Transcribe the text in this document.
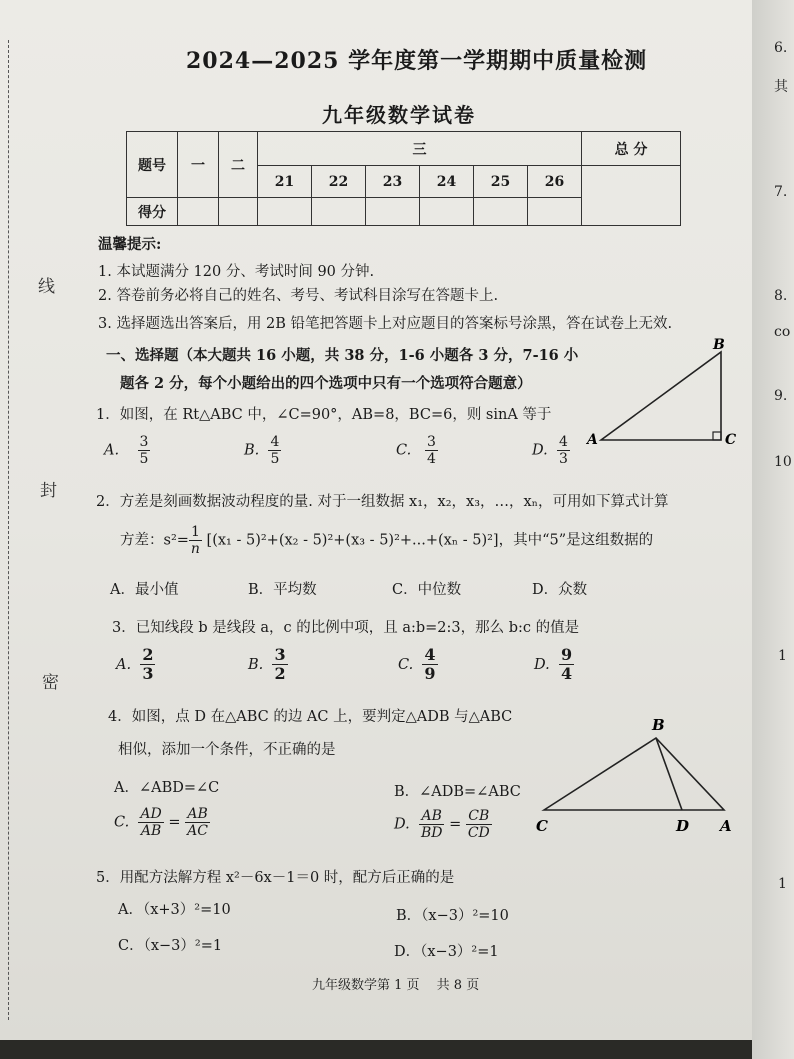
线
封
密
2024—2025 学年度第一学期期中质量检测
九年级数学试卷
题号	一	二	三						总 分
			21	22	23	24	25	26	
得分									
温馨提示:
1. 本试题满分 120 分、考试时间 90 分钟.
2. 答卷前务必将自己的姓名、考号、考试科目涂写在答题卡上.
3. 选择题选出答案后，用 2B 铅笔把答题卡上对应题目的答案标号涂黑，答在试卷上无效.
一、选择题（本大题共 16 小题，共 38 分，1-6 小题各 3 分，7-16 小
题各 2 分，每个小题给出的四个选项中只有一个选项符合题意）
1．如图，在 Rt△ABC 中，∠C=90°，AB=8，BC=6，则 sinA 等于
A. $\frac{3}{5}$	B. $\frac{4}{5}$	C. $\frac{3}{4}$	D. $\frac{4}{3}$ A
B
C
2．方差是刻画数据波动程度的量. 对于一组数据 x₁，x₂，x₃，…，xₙ，可用如下算式计算
方差：$s^2= \frac{1}{n} [(x_1 - 5)^2+(x_2 - 5)^2+(x_3 - 5)^2+...+(x_n - 5)^2]$，其中“5”是这组数据的
A．最小值	B．平均数	C．中位数	D．众数
3．已知线段 b 是线段 a，c 的比例中项，且 a:b=2:3，那么 b:c 的值是
A. $\frac{2}{3}$	B. $\frac{3}{2}$	C. $\frac{4}{9}$	D. $\frac{9}{4}$
4．如图，点 D 在△ABC 的边 AC 上，要判定△ADB 与△ABC
相似，添加一个条件，不正确的是
A．∠ABD=∠C	B．∠ADB=∠ABC
C. $\frac{AD}{AB} = \frac{AB}{AC}$	D. $\frac{AB}{BD} = \frac{CB}{CD}$
B
C	D A
5．用配方法解方程 x²－6x－1＝0 时，配方后正确的是
A．（x+3）²=10	B．（x−3）²=10
C．（x−3）²=1	D．（x−3）²=1
九年级数学第 1 页　 共 8 页
6.
其
7.
8.
co
9.
10
1
1
